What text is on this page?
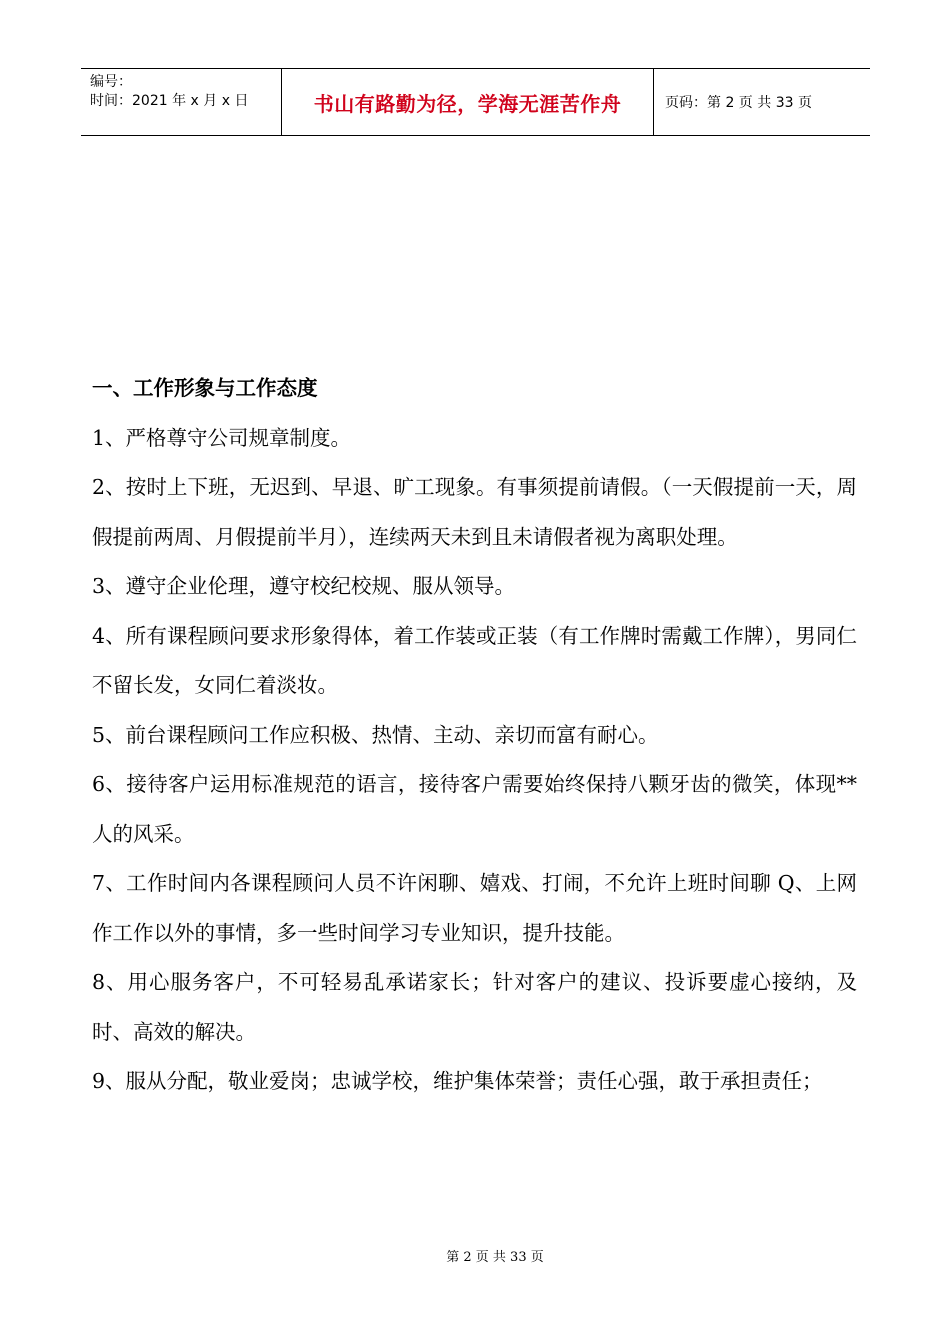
编号：
时间：2021 年 x 月 x 日	书山有路勤为径，学海无涯苦作舟	页码：第 2 页 共 33 页

一、工作形象与工作态度

1、严格尊守公司规章制度。

2、按时上下班，无迟到、早退、旷工现象。有事须提前请假。（一天假提前一天，周假提前两周、月假提前半月），连续两天未到且未请假者视为离职处理。

3、遵守企业伦理，遵守校纪校规、服从领导。

4、所有课程顾问要求形象得体，着工作装或正装（有工作牌时需戴工作牌），男同仁不留长发，女同仁着淡妆。

5、前台课程顾问工作应积极、热情、主动、亲切而富有耐心。

6、接待客户运用标准规范的语言，接待客户需要始终保持八颗牙齿的微笑，体现**人的风采。

7、工作时间内各课程顾问人员不许闲聊、嬉戏、打闹，不允许上班时间聊 Q、上网作工作以外的事情，多一些时间学习专业知识，提升技能。

8、用心服务客户，不可轻易乱承诺家长；针对客户的建议、投诉要虚心接纳，及时、高效的解决。

9、服从分配，敬业爱岗；忠诚学校，维护集体荣誉；责任心强，敢于承担责任；

第 2 页 共 33 页
